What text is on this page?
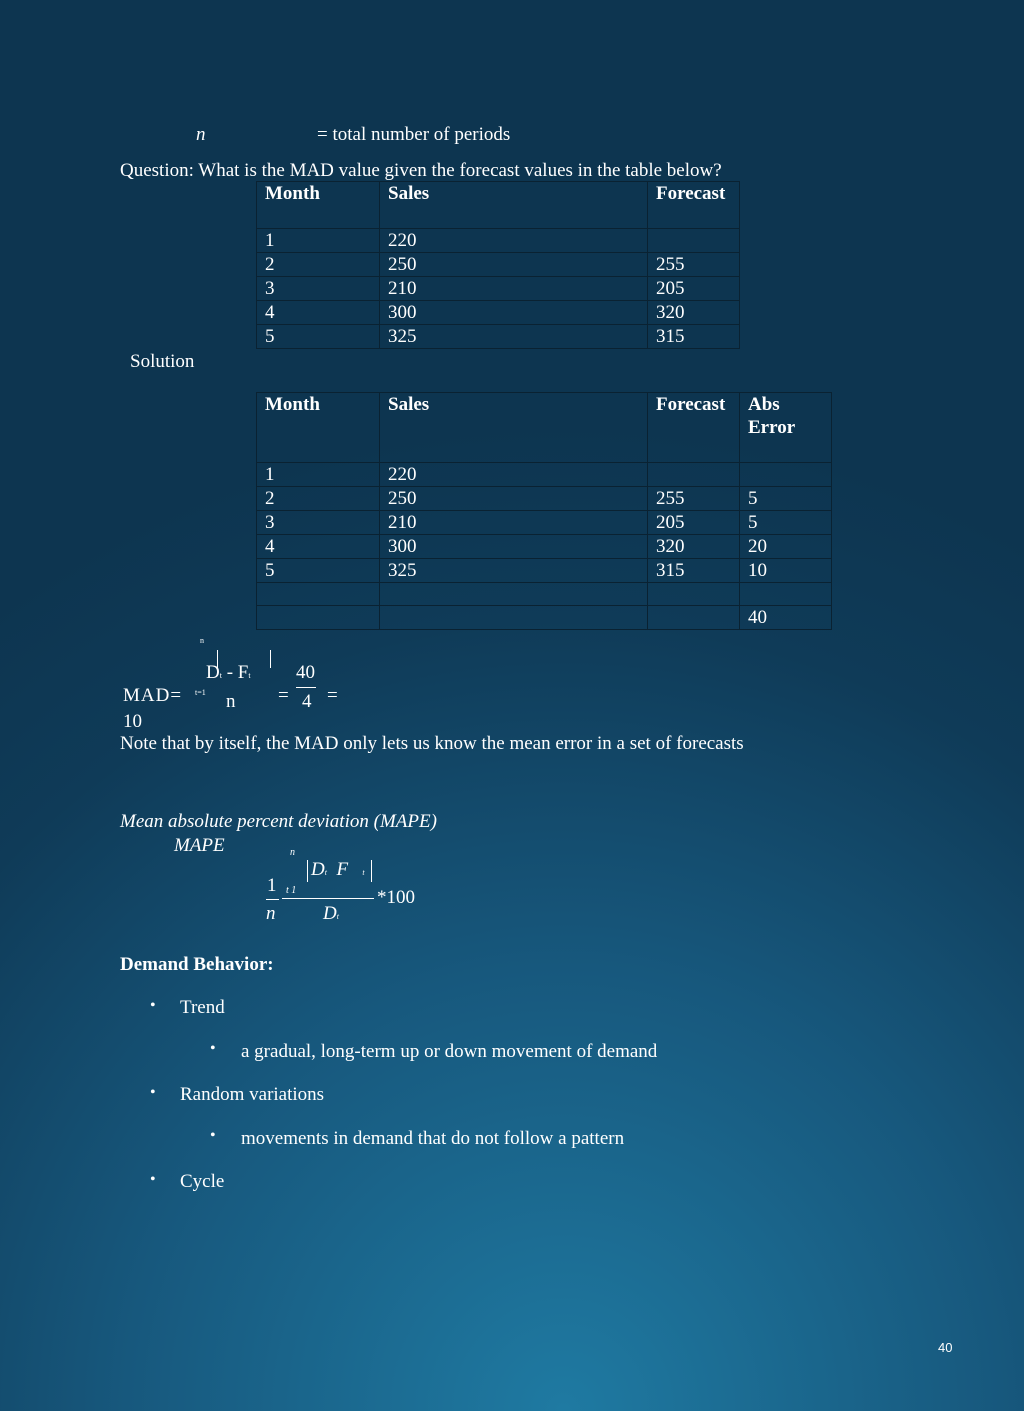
n	= total number of periods
Question: What is the MAD value given the forecast values in the table below?
Month	Sales	Forecast
1	220	
2	250	255
3	210	205
4	300	320
5	325	315
Solution
Month	Sales	Forecast	Abs Error
1	220		
2	250	255	5
3	210	205	5
4	300	320	20
5	325	315	10

			40
n
Dt - Ft
MAD= t=1 n =
40
4 =
10
Note that by itself, the MAD only lets us know the mean error in a set of forecasts
Mean absolute percent deviation (MAPE)
MAPE	n
Dt F t
1 t 1	*100
n	Dt
Demand Behavior:
• Trend
• a gradual, long-term up or down movement of demand
• Random variations
• movements in demand that do not follow a pattern
• Cycle
40
